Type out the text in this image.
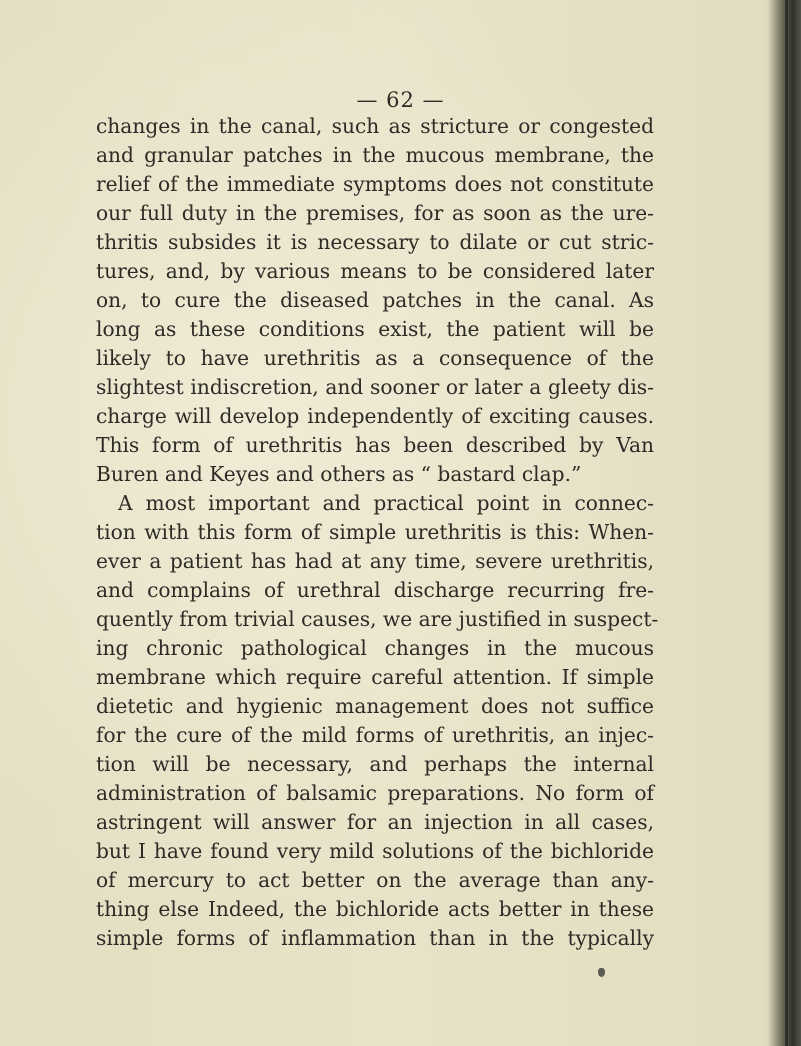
— 62 —
changes in the canal, such as stricture or congested
and granular patches in the mucous membrane, the
relief of the immediate symptoms does not constitute
our full duty in the premises, for as soon as the ure-
thritis subsides it is necessary to dilate or cut stric-
tures, and, by various means to be considered later
on, to cure the diseased patches in the canal. As
long as these conditions exist, the patient will be
likely to have urethritis as a consequence of the
slightest indiscretion, and sooner or later a gleety dis-
charge will develop independently of exciting causes.
This form of urethritis has been described by Van
Buren and Keyes and others as “ bastard clap.”
A most important and practical point in connec-
tion with this form of simple urethritis is this: When-
ever a patient has had at any time, severe urethritis,
and complains of urethral discharge recurring fre-
quently from trivial causes, we are justified in suspect-
ing chronic pathological changes in the mucous
membrane which require careful attention. If simple
dietetic and hygienic management does not suffice
for the cure of the mild forms of urethritis, an injec-
tion will be necessary, and perhaps the internal
administration of balsamic preparations. No form of
astringent will answer for an injection in all cases,
but I have found very mild solutions of the bichloride
of mercury to act better on the average than any-
thing else Indeed, the bichloride acts better in these
simple forms of inflammation than in the typically
